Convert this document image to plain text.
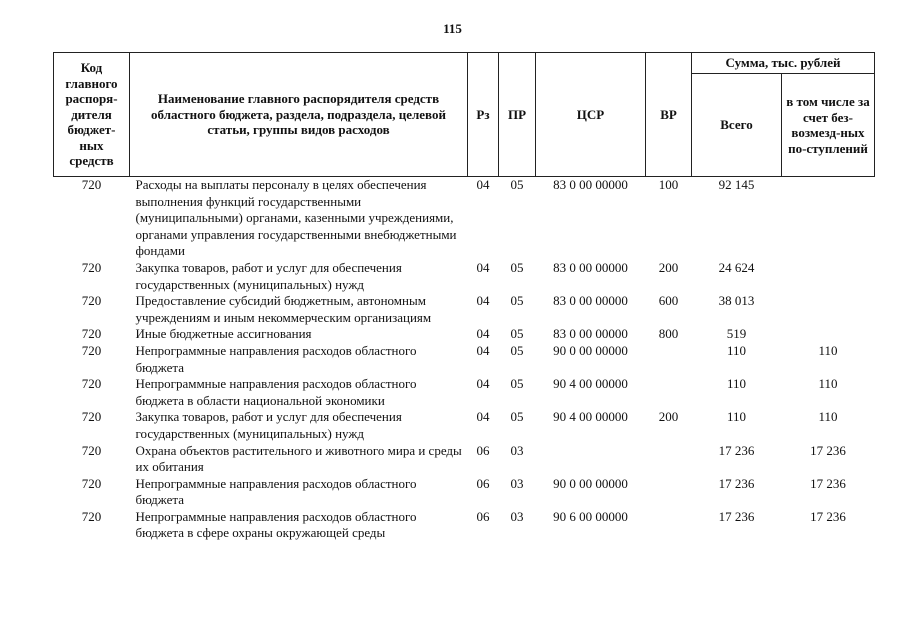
115
Код главного распоря-дителя бюджет-ных средств	Наименование главного распорядителя средств областного бюджета, раздела, подраздела, целевой статьи, группы видов расходов	Рз	ПР	ЦСР	ВР	Сумма, тыс. рублей	
						Всего	в том числе за счет без-возмезд-ных по-ступлений
720	Расходы на выплаты персоналу в целях обеспечения выполнения функций государственными (муниципальными) органами, казенными учреждениями, органами управления государственными внебюджетными фондами	04	05	83 0 00 00000	100	92 145	
720	Закупка товаров, работ и услуг для обеспечения государственных (муниципальных) нужд	04	05	83 0 00 00000	200	24 624	
720	Предоставление субсидий бюджетным, автономным учреждениям и иным некоммерческим организациям	04	05	83 0 00 00000	600	38 013	
720	Иные бюджетные ассигнования	04	05	83 0 00 00000	800	519	
720	Непрограммные направления расходов областного бюджета	04	05	90 0 00 00000		110	110
720	Непрограммные направления расходов областного бюджета в области национальной экономики	04	05	90 4 00 00000		110	110
720	Закупка товаров, работ и услуг для обеспечения государственных (муниципальных) нужд	04	05	90 4 00 00000	200	110	110
720	Охрана объектов растительного и животного мира и среды их обитания	06	03			17 236	17 236
720	Непрограммные направления расходов областного бюджета	06	03	90 0 00 00000		17 236	17 236
720	Непрограммные направления расходов областного бюджета в сфере охраны окружающей среды	06	03	90 6 00 00000		17 236	17 236
